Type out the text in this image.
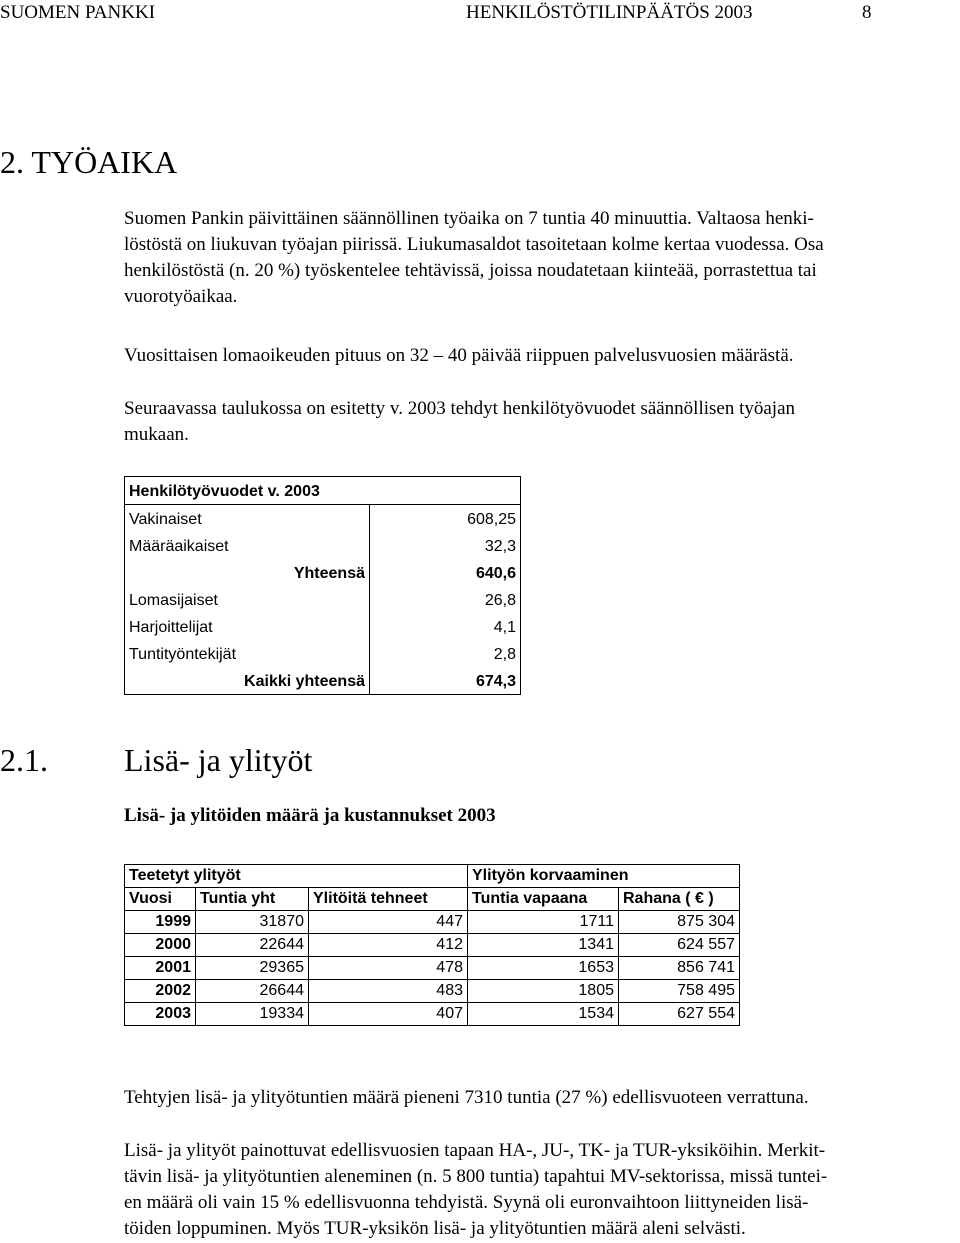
SUOMEN PANKKI	HENKILÖSTÖTILINPÄÄTÖS 2003	8
2. TYÖAIKA

Suomen Pankin päivittäinen säännöllinen työaika on 7 tuntia 40 minuuttia. Valtaosa henki-
löstöstä on liukuvan työajan piirissä. Liukumasaldot tasoitetaan kolme kertaa vuodessa. Osa
henkilöstöstä (n. 20 %) työskentelee tehtävissä, joissa noudatetaan kiinteää, porrastettua tai
vuorotyöaikaa.

Vuosittaisen lomaoikeuden pituus on 32 – 40 päivää riippuen palvelusvuosien määrästä.

Seuraavassa taulukossa on esitetty v. 2003 tehdyt henkilötyövuodet säännöllisen työajan
mukaan.

Henkilötyövuodet v. 2003
Vakinaiset	608,25
Määräaikaiset	32,3
Yhteensä	640,6
Lomasijaiset	26,8
Harjoittelijat	4,1
Tuntityöntekijät	2,8
Kaikki yhteensä	674,3
2.1. Lisä- ja ylityöt
Lisä- ja ylitöiden määrä ja kustannukset 2003
Teetetyt ylityöt			Ylityön korvaaminen	
Vuosi	Tuntia yht	Ylitöitä tehneet	Tuntia vapaana	Rahana ( € )
1999	31870	447	1711	875 304
2000	22644	412	1341	624 557
2001	29365	478	1653	856 741
2002	26644	483	1805	758 495
2003	19334	407	1534	627 554

Tehtyjen lisä- ja ylityötuntien määrä pieneni 7310 tuntia (27 %) edellisvuoteen verrattuna.

Lisä- ja ylityöt painottuvat edellisvuosien tapaan HA-, JU-, TK- ja TUR-yksiköihin. Merkit-
tävin lisä- ja ylityötuntien aleneminen (n. 5 800 tuntia) tapahtui MV-sektorissa, missä tuntei-
en määrä oli vain 15 % edellisvuonna tehdyistä. Syynä oli euronvaihtoon liittyneiden lisä-
töiden loppuminen. Myös TUR-yksikön lisä- ja ylityötuntien määrä aleni selvästi.
